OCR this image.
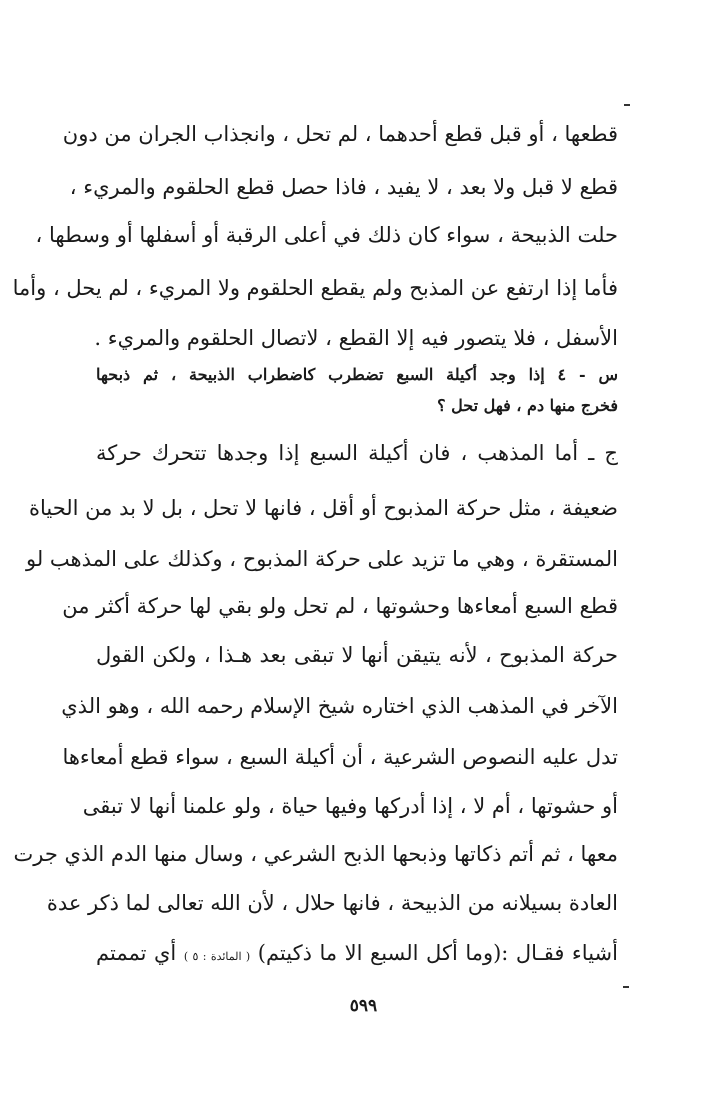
قطعها ، أو قبل قطع أحدهما ، لم تحل ، وانجذاب الجران من دون
قطع لا قبل ولا بعد ، لا يفيد ، فاذا حصل قطع الحلقوم والمريء ،
حلت الذبيحة ، سواء كان ذلك في أعلى الرقبة أو أسفلها أو وسطها ،
فأما إذا ارتفع عن المذبح ولم يقطع الحلقوم ولا المريء ، لم يحل ، وأما
الأسفل ، فلا يتصور فيه إلا القطع ، لاتصال الحلقوم والمريء .
س - ٤ إذا وجد أكيلة السبع تضطرب كاضطراب الذبيحة ، ثم ذبحها
فخرج منها دم ، فهل تحل ؟
ج ـ أما المذهب ، فان أكيلة السبع إذا وجدها تتحرك حركة
ضعيفة ، مثل حركة المذبوح أو أقل ، فانها لا تحل ، بل لا بد من الحياة
المستقرة ، وهي ما تزيد على حركة المذبوح ، وكذلك على المذهب لو
قطع السبع أمعاءها وحشوتها ، لم تحل ولو بقي لها حركة أكثر من
حركة المذبوح ، لأنه يتيقن أنها لا تبقى بعد هـذا ، ولكن القول
الآخر في المذهب الذي اختاره شيخ الإسلام رحمه الله ، وهو الذي
تدل عليه النصوص الشرعية ، أن أكيلة السبع ، سواء قطع أمعاءها
أو حشوتها ، أم لا ، إذا أدركها وفيها حياة ، ولو علمنا أنها لا تبقى
معها ، ثم أتم ذكاتها وذبحها الذبح الشرعي ، وسال منها الدم الذي جرت
العادة بسيلانه من الذبيحة ، فانها حلال ، لأن الله تعالى لما ذكر عدة
أشياء فقـال :(وما أكل السبع الا ما ذكيتم) ( المائدة : ٥ ) أي تممتم
٥٩٩
